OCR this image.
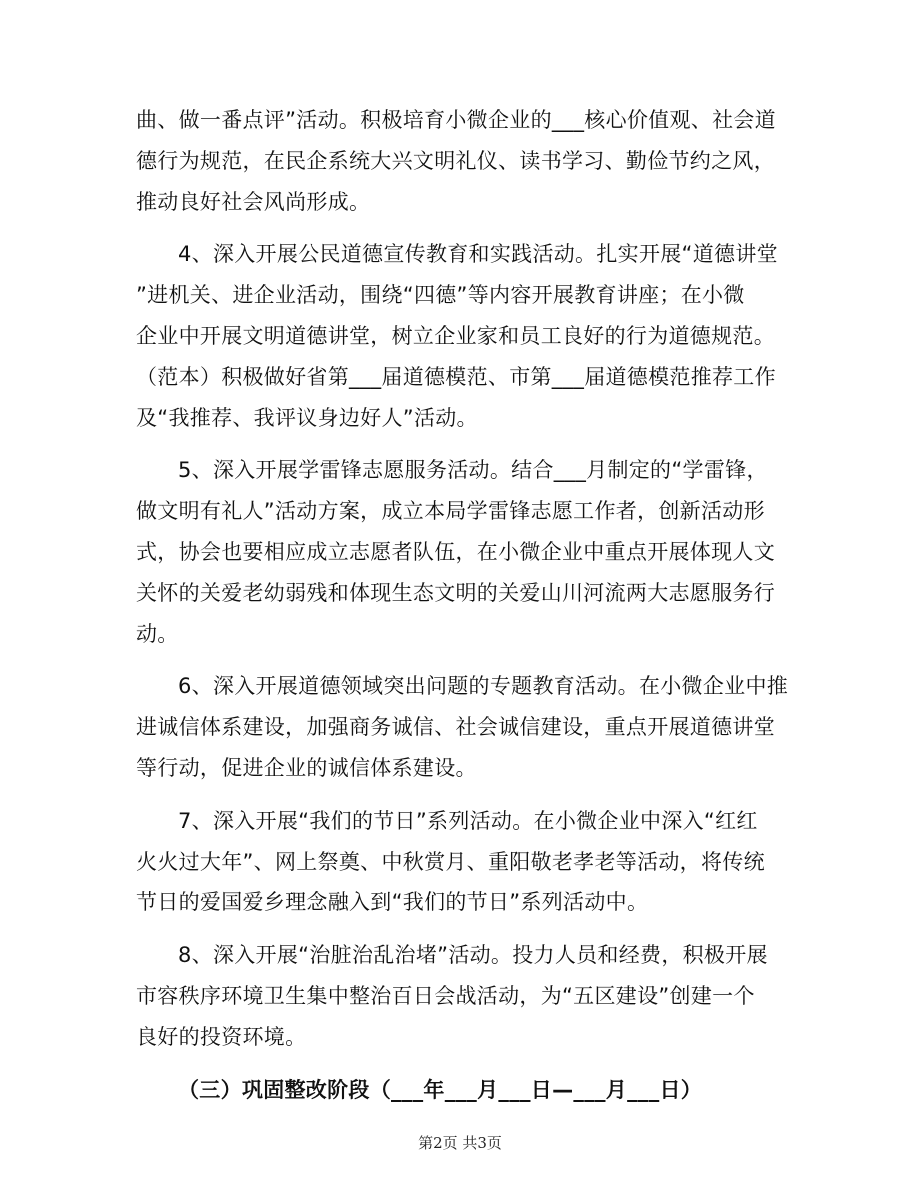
曲、做一番点评”活动。积极培育小微企业的___核心价值观、社会道
德行为规范，在民企系统大兴文明礼仪、读书学习、勤俭节约之风，
推动良好社会风尚形成。
4、深入开展公民道德宣传教育和实践活动。扎实开展“道德讲堂
”进机关、进企业活动，围绕“四德”等内容开展教育讲座；在小微
企业中开展文明道德讲堂，树立企业家和员工良好的行为道德规范。
（范本）积极做好省第___届道德模范、市第___届道德模范推荐工作
及“我推荐、我评议身边好人”活动。
5、深入开展学雷锋志愿服务活动。结合___月制定的“学雷锋，
做文明有礼人”活动方案，成立本局学雷锋志愿工作者，创新活动形
式，协会也要相应成立志愿者队伍，在小微企业中重点开展体现人文
关怀的关爱老幼弱残和体现生态文明的关爱山川河流两大志愿服务行
动。
6、深入开展道德领域突出问题的专题教育活动。在小微企业中推
进诚信体系建设，加强商务诚信、社会诚信建设，重点开展道德讲堂
等行动，促进企业的诚信体系建设。
7、深入开展“我们的节日”系列活动。在小微企业中深入“红红
火火过大年”、网上祭奠、中秋赏月、重阳敬老孝老等活动，将传统
节日的爱国爱乡理念融入到“我们的节日”系列活动中。
8、深入开展“治脏治乱治堵”活动。投力人员和经费，积极开展
市容秩序环境卫生集中整治百日会战活动，为“五区建设”创建一个
良好的投资环境。
（三）巩固整改阶段（___年___月___日—___月___日）
第2页 共3页
